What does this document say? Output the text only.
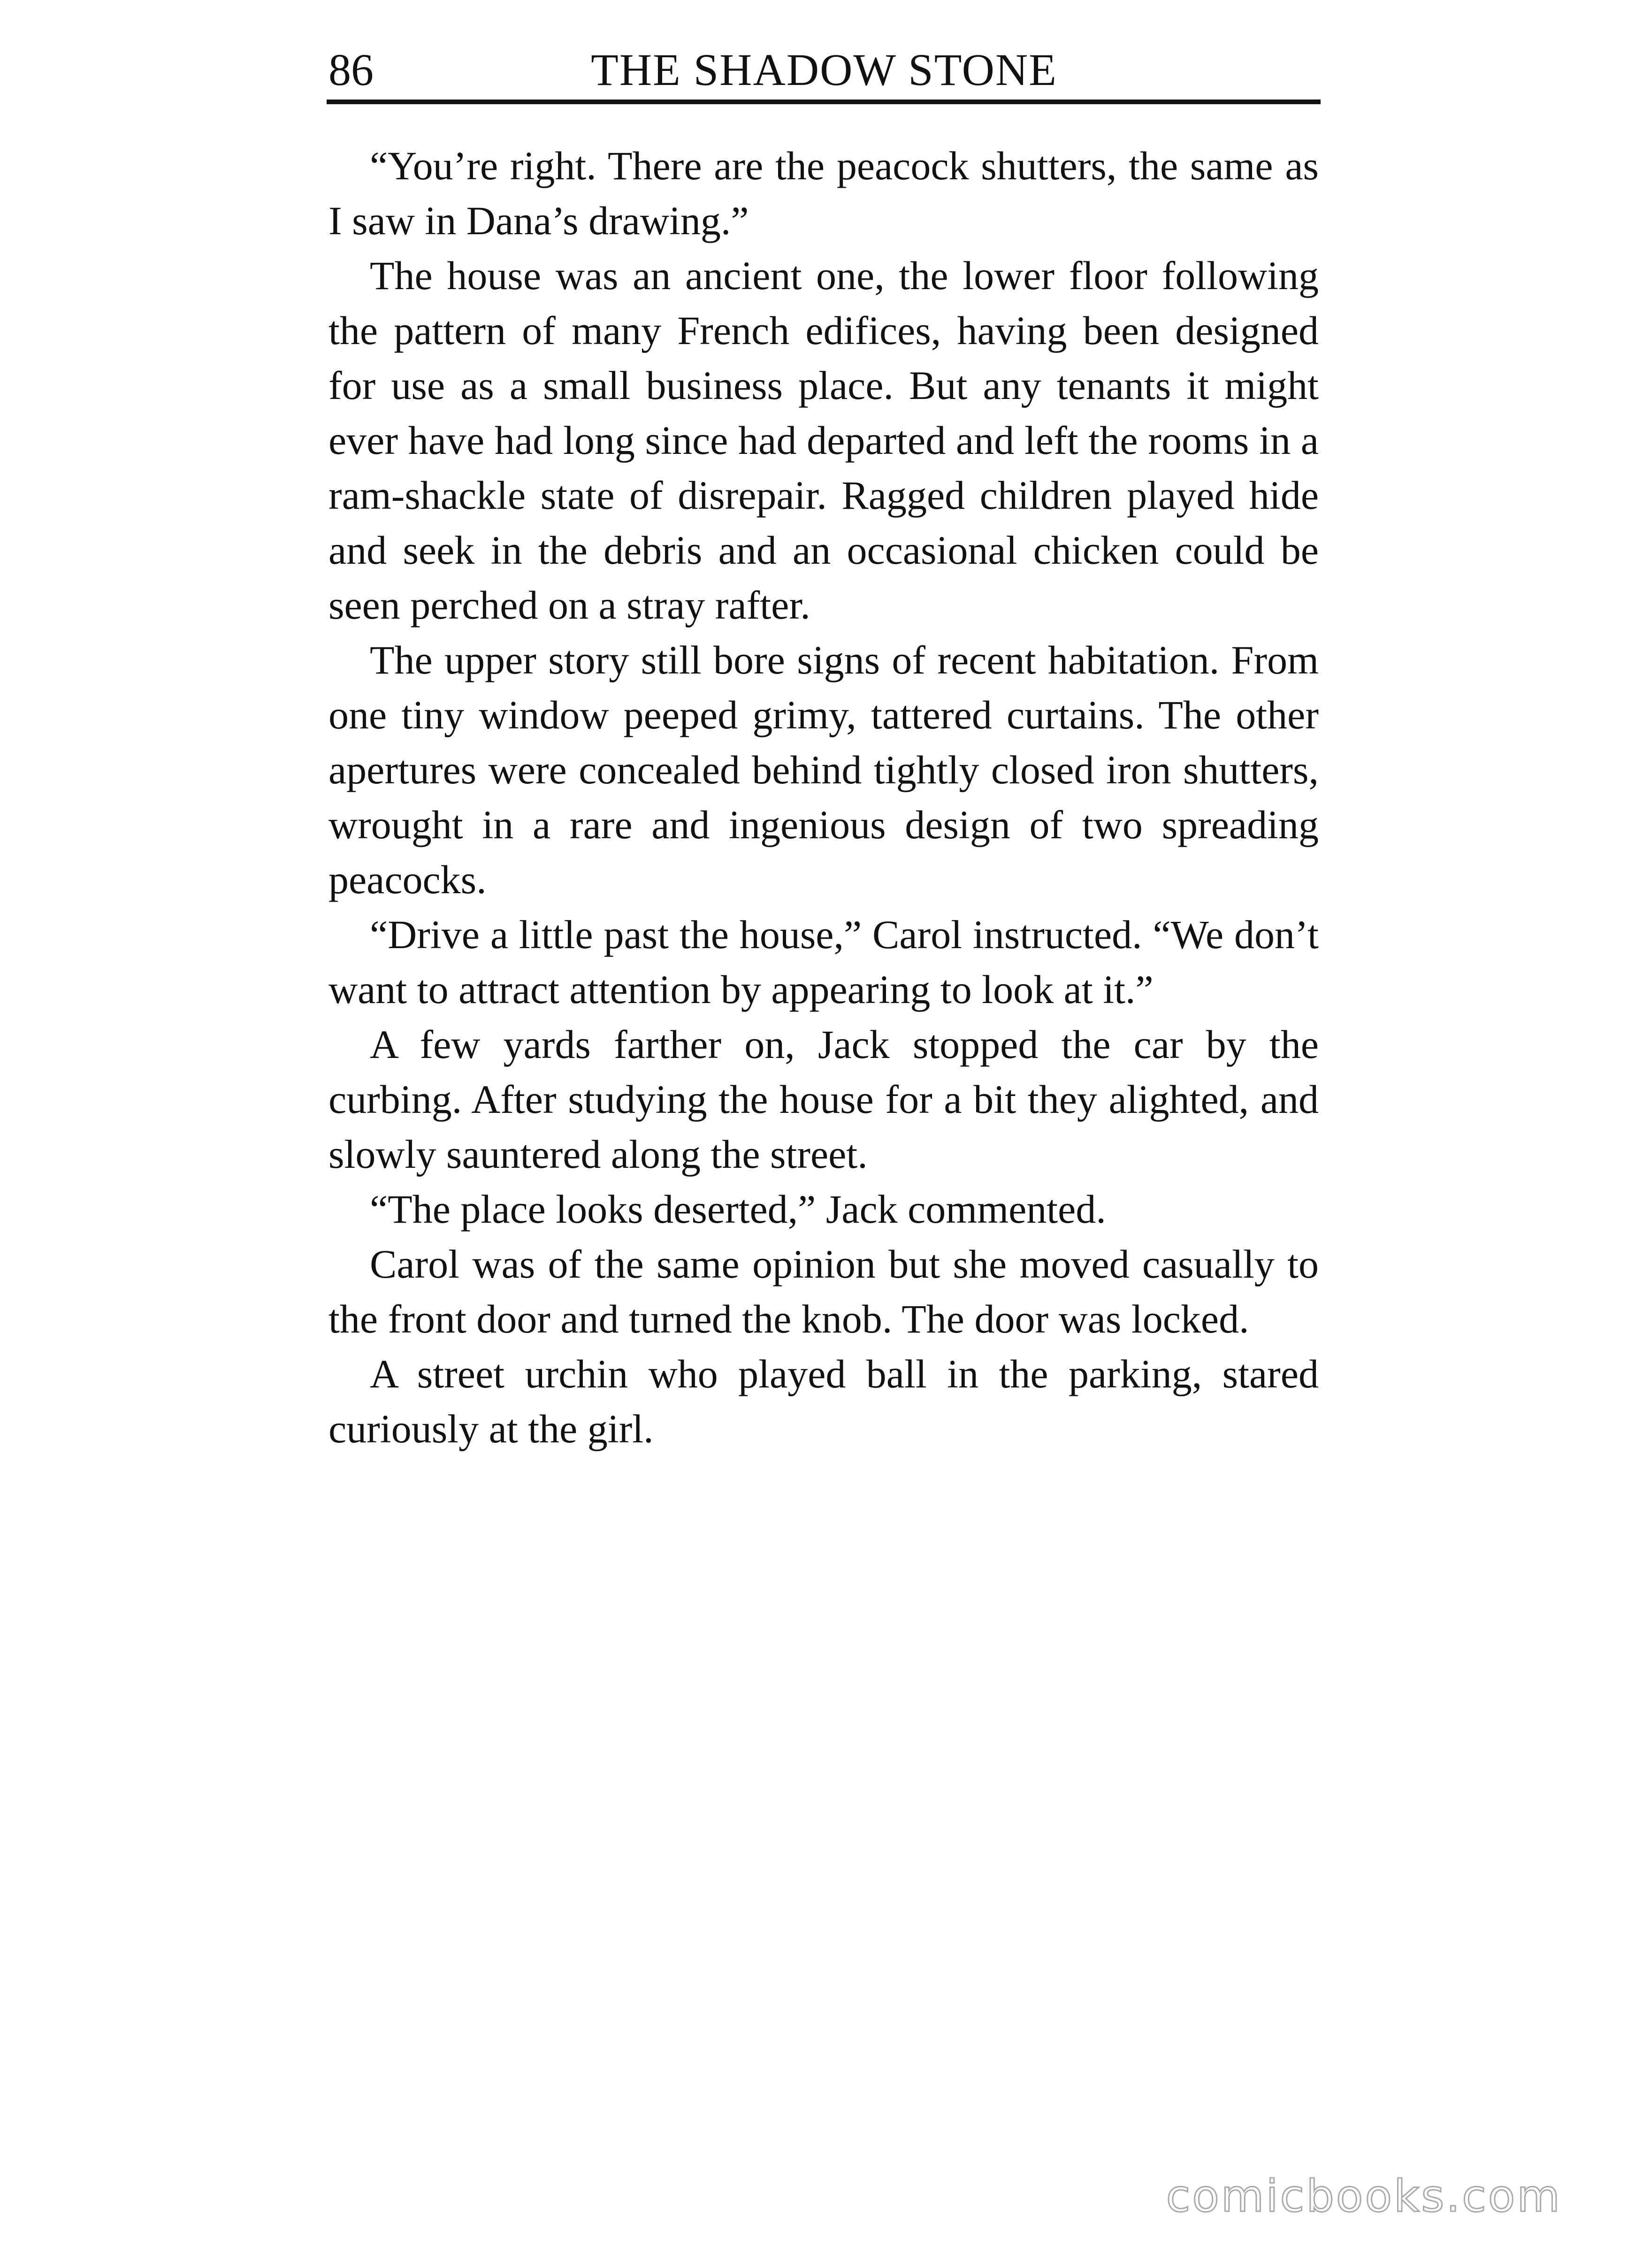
86	THE SHADOW STONE

“You’re right. There are the peacock shutters, the same as I saw in Dana’s drawing.”

The house was an ancient one, the lower floor following the pattern of many French edifices, having been designed for use as a small business place. But any tenants it might ever have had long since had departed and left the rooms in a ram-shackle state of disrepair. Ragged children played hide and seek in the debris and an occasional chicken could be seen perched on a stray rafter.

The upper story still bore signs of recent habitation. From one tiny window peeped grimy, tattered curtains. The other apertures were concealed behind tightly closed iron shutters, wrought in a rare and ingenious design of two spreading peacocks.

“Drive a little past the house,” Carol instructed. “We don’t want to attract attention by appearing to look at it.”

A few yards farther on, Jack stopped the car by the curbing. After studying the house for a bit they alighted, and slowly sauntered along the street.

“The place looks deserted,” Jack commented.

Carol was of the same opinion but she moved casually to the front door and turned the knob. The door was locked.

A street urchin who played ball in the parking, stared curiously at the girl.

comicbooks.com
